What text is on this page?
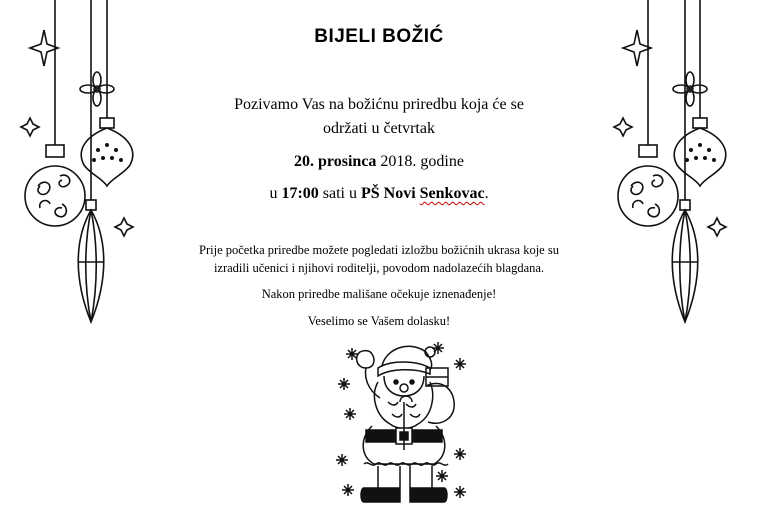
BIJELI BOŽIĆ
Pozivamo Vas na božićnu priredbu koja će se
održati u četvrtak
20. prosinca 2018. godine
u 17:00 sati u PŠ Novi Senkovac.
Prije početka priredbe možete pogledati izložbu božićnih ukrasa koje su
izradili učenici i njihovi roditelji, povodom nadolazećih blagdana.
Nakon priredbe mališane očekuje iznenađenje!
Veselimo se Vašem dolasku!
